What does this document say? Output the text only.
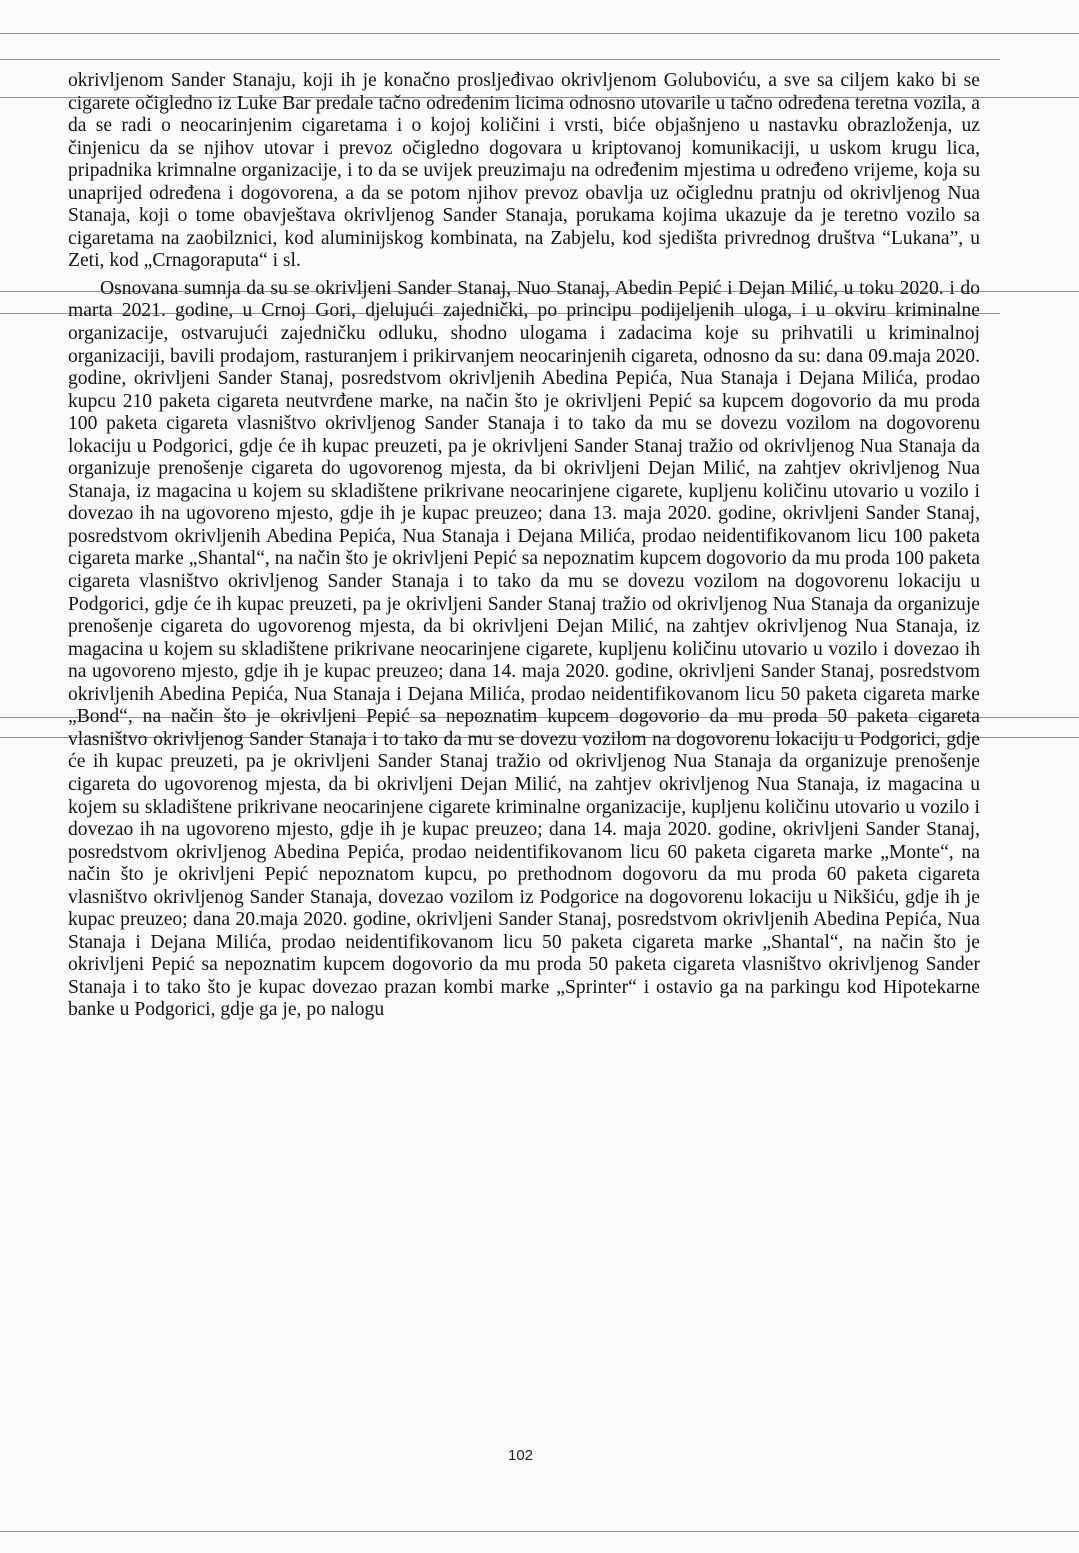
okrivljenom Sander Stanaju, koji ih je konačno prosljeđivao okrivljenom Goluboviću, a sve sa ciljem kako bi se cigarete očigledno iz Luke Bar predale tačno određenim licima odnosno utovarile u tačno određena teretna vozila, a da se radi o neocarinjenim cigaretama i o kojoj količini i vrsti, biće objašnjeno u nastavku obrazloženja, uz činjenicu da se njihov utovar i prevoz očigledno dogovara u kriptovanoj komunikaciji, u uskom krugu lica, pripadnika krimnalne organizacije, i to da se uvijek preuzimaju na određenim mjestima u određeno vrijeme, koja su unaprijed određena i dogovorena, a da se potom njihov prevoz obavlja uz očiglednu pratnju od okrivljenog Nua Stanaja, koji o tome obavještava okrivljenog Sander Stanaja, porukama kojima ukazuje da je teretno vozilo sa cigaretama na zaobilznici, kod aluminijskog kombinata, na Zabjelu, kod sjedišta privrednog društva “Lukana”, u Zeti, kod „Crnagoraputa“ i sl.

Osnovana sumnja da su se okrivljeni Sander Stanaj, Nuo Stanaj, Abedin Pepić i Dejan Milić, u toku 2020. i do marta 2021. godine, u Crnoj Gori, djelujući zajednički, po principu podijeljenih uloga, i u okviru kriminalne organizacije, ostvarujući zajedničku odluku, shodno ulogama i zadacima koje su prihvatili u kriminalnoj organizaciji, bavili prodajom, rasturanjem i prikirvanjem neocarinjenih cigareta, odnosno da su: dana 09.maja 2020. godine, okrivljeni Sander Stanaj, posredstvom okrivljenih Abedina Pepića, Nua Stanaja i Dejana Milića, prodao kupcu 210 paketa cigareta neutvrđene marke, na način što je okrivljeni Pepić sa kupcem dogovorio da mu proda 100 paketa cigareta vlasništvo okrivljenog Sander Stanaja i to tako da mu se dovezu vozilom na dogovorenu lokaciju u Podgorici, gdje će ih kupac preuzeti, pa je okrivljeni Sander Stanaj tražio od okrivljenog Nua Stanaja da organizuje prenošenje cigareta do ugovorenog mjesta, da bi okrivljeni Dejan Milić, na zahtjev okrivljenog Nua Stanaja, iz magacina u kojem su skladištene prikrivane neocarinjene cigarete, kupljenu količinu utovario u vozilo i dovezao ih na ugovoreno mjesto, gdje ih je kupac preuzeo; dana 13. maja 2020. godine, okrivljeni Sander Stanaj, posredstvom okrivljenih Abedina Pepića, Nua Stanaja i Dejana Milića, prodao neidentifikovanom licu 100 paketa cigareta marke „Shantal“, na način što je okrivljeni Pepić sa nepoznatim kupcem dogovorio da mu proda 100 paketa cigareta vlasništvo okrivljenog Sander Stanaja i to tako da mu se dovezu vozilom na dogovorenu lokaciju u Podgorici, gdje će ih kupac preuzeti, pa je okrivljeni Sander Stanaj tražio od okrivljenog Nua Stanaja da organizuje prenošenje cigareta do ugovorenog mjesta, da bi okrivljeni Dejan Milić, na zahtjev okrivljenog Nua Stanaja, iz magacina u kojem su skladištene prikrivane neocarinjene cigarete, kupljenu količinu utovario u vozilo i dovezao ih na ugovoreno mjesto, gdje ih je kupac preuzeo; dana 14. maja 2020. godine, okrivljeni Sander Stanaj, posredstvom okrivljenih Abedina Pepića, Nua Stanaja i Dejana Milića, prodao neidentifikovanom licu 50 paketa cigareta marke „Bond“, na način što je okrivljeni Pepić sa nepoznatim kupcem dogovorio da mu proda 50 paketa cigareta vlasništvo okrivljenog Sander Stanaja i to tako da mu se dovezu vozilom na dogovorenu lokaciju u Podgorici, gdje će ih kupac preuzeti, pa je okrivljeni Sander Stanaj tražio od okrivljenog Nua Stanaja da organizuje prenošenje cigareta do ugovorenog mjesta, da bi okrivljeni Dejan Milić, na zahtjev okrivljenog Nua Stanaja, iz magacina u kojem su skladištene prikrivane neocarinjene cigarete kriminalne organizacije, kupljenu količinu utovario u vozilo i dovezao ih na ugovoreno mjesto, gdje ih je kupac preuzeo; dana 14. maja 2020. godine, okrivljeni Sander Stanaj, posredstvom okrivljenog Abedina Pepića, prodao neidentifikovanom licu 60 paketa cigareta marke „Monte“, na način što je okrivljeni Pepić nepoznatom kupcu, po prethodnom dogovoru da mu proda 60 paketa cigareta vlasništvo okrivljenog Sander Stanaja, dovezao vozilom iz Podgorice na dogovorenu lokaciju u Nikšiću, gdje ih je kupac preuzeo; dana 20.maja 2020. godine, okrivljeni Sander Stanaj, posredstvom okrivljenih Abedina Pepića, Nua Stanaja i Dejana Milića, prodao neidentifikovanom licu 50 paketa cigareta marke „Shantal“, na način što je okrivljeni Pepić sa nepoznatim kupcem dogovorio da mu proda 50 paketa cigareta vlasništvo okrivljenog Sander Stanaja i to tako što je kupac dovezao prazan kombi marke „Sprinter“ i ostavio ga na parkingu kod Hipotekarne banke u Podgorici, gdje ga je, po nalogu

102
